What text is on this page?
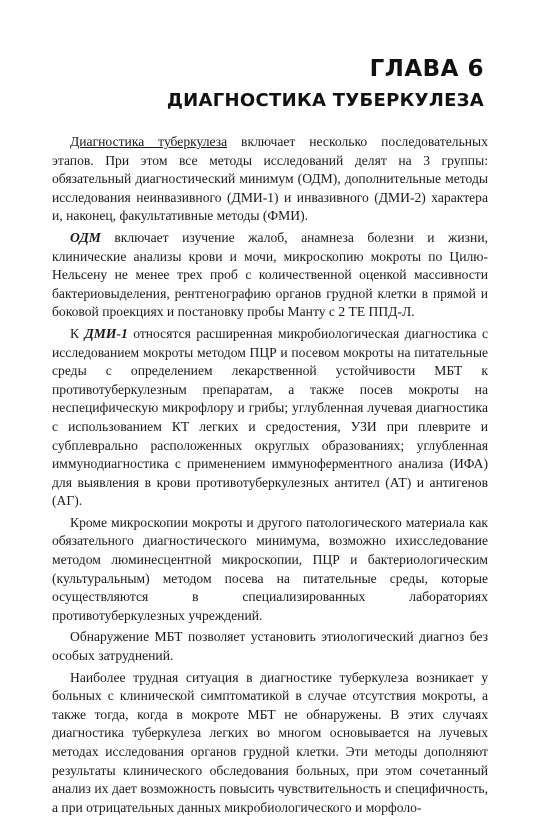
ГЛАВА 6
ДИАГНОСТИКА ТУБЕРКУЛЕЗА

Диагностика туберкулеза включает несколько последовательных этапов. При этом все методы исследований делят на 3 группы: обязательный диагностический минимум (ОДМ), дополнительные методы исследования неинвазивного (ДМИ-1) и инвазивного (ДМИ-2) характера и, наконец, факультативные методы (ФМИ).

ОДМ включает изучение жалоб, анамнеза болезни и жизни, клинические анализы крови и мочи, микроскопию мокроты по Цилю-Нельсену не менее трех проб с количественной оценкой массивности бактериовыделения, рентгенографию органов грудной клетки в прямой и боковой проекциях и постановку пробы Манту с 2 ТЕ ППД-Л.

К ДМИ-1 относятся расширенная микробиологическая диагностика с исследованием мокроты методом ПЦР и посевом мокроты на питательные среды с определением лекарственной устойчивости МБТ к противотуберкулезным препаратам, а также посев мокроты на неспецифическую микрофлору и грибы; углубленная лучевая диагностика с использованием КТ легких и средостения, УЗИ при плеврите и субплеврально расположенных округлых образованиях; углубленная иммунодиагностика с применением иммуноферментного анализа (ИФА) для выявления в крови противотуберкулезных антител (АТ) и антигенов (АГ).

Кроме микроскопии мокроты и другого патологического материала как обязательного диагностического минимума, возможно ихисследование методом люминесцентной микроскопии, ПЦР и бактериологическим (культуральным) методом посева на питательные среды, которые осуществляются в специализированных лабораториях противотуберкулезных учреждений.

Обнаружение МБТ позволяет установить этиологический диагноз без особых затруднений.

Наиболее трудная ситуация в диагностике туберкулеза возникает у больных с клинической симптоматикой в случае отсутствия мокроты, а также тогда, когда в мокроте МБТ не обнаружены. В этих случаях диагностика туберкулеза легких во многом основывается на лучевых методах исследования органов грудной клетки. Эти методы дополняют результаты клинического обследования больных, при этом сочетанный анализ их дает возможность повысить чувствительность и специфичность, а при отрицательных данных микробиологического и морфоло-
